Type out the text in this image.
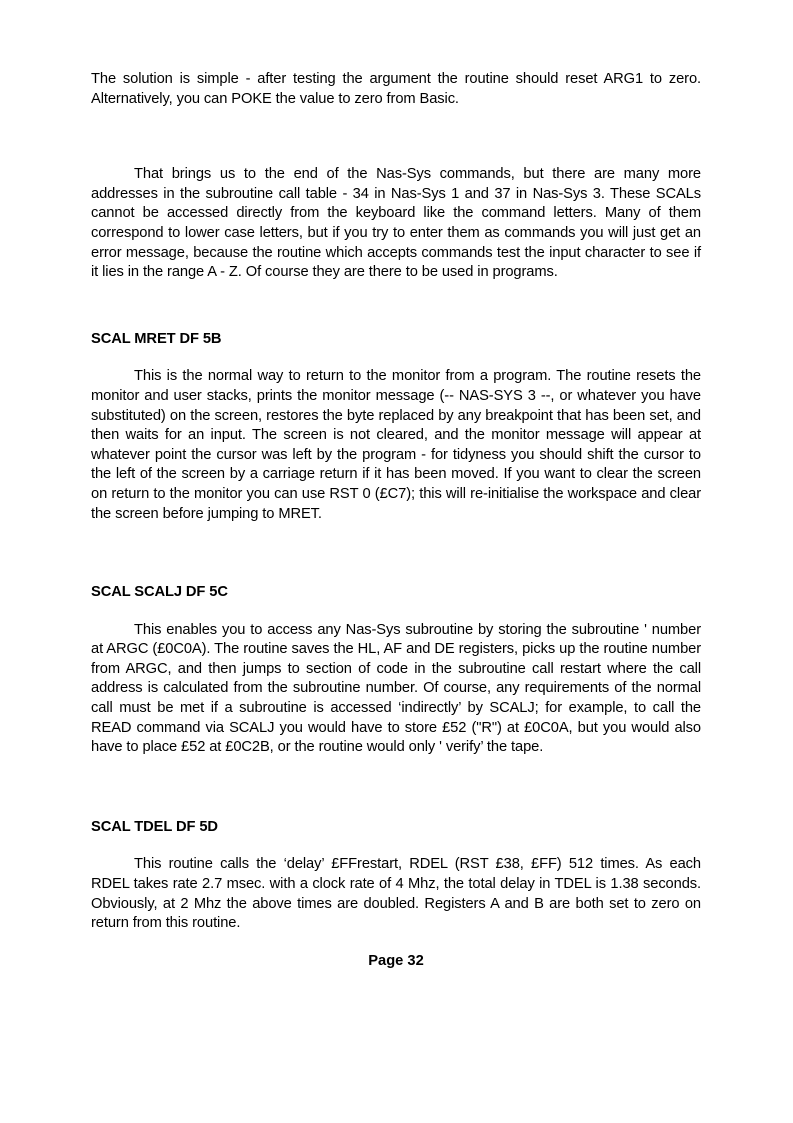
The solution is simple - after testing the argument the routine should reset ARG1 to zero. Alternatively, you can POKE the value to zero from Basic.

That brings us to the end of the Nas-Sys commands, but there are many more addresses in the subroutine call table - 34 in Nas-Sys 1 and 37 in Nas-Sys 3. These SCALs cannot be accessed directly from the keyboard like the command letters. Many of them correspond to lower case letters, but if you try to enter them as commands you will just get an error message, because the routine which accepts commands test the input character to see if it lies in the range A - Z. Of course they are there to be used in programs.

SCAL MRET DF 5B

This is the normal way to return to the monitor from a program. The routine resets the monitor and user stacks, prints the monitor message (-- NAS-SYS 3 --, or whatever you have substituted) on the screen, restores the byte replaced by any breakpoint that has been set, and then waits for an input. The screen is not cleared, and the monitor message will appear at whatever point the cursor was left by the program - for tidyness you should shift the cursor to the left of the screen by a carriage return if it has been moved. If you want to clear the screen on return to the monitor you can use RST 0 (£C7); this will re-initialise the workspace and clear the screen before jumping to MRET.

SCAL SCALJ DF 5C

This enables you to access any Nas-Sys subroutine by storing the subroutine ' number at ARGC (£0C0A). The routine saves the HL, AF and DE registers, picks up the routine number from ARGC, and then jumps to section of code in the subroutine call restart where the call address is calculated from the subroutine number. Of course, any requirements of the normal call must be met if a subroutine is accessed ‘indirectly’ by SCALJ; for example, to call the READ command via SCALJ you would have to store £52 ("R") at £0C0A, but you would also have to place £52 at £0C2B, or the routine would only ' verify’ the tape.

SCAL TDEL DF 5D

This routine calls the ‘delay’ £FFrestart, RDEL (RST £38, £FF) 512 times. As each RDEL takes rate 2.7 msec. with a clock rate of 4 Mhz, the total delay in TDEL is 1.38 seconds. Obviously, at 2 Mhz the above times are doubled. Registers A and B are both set to zero on return from this routine.

Page 32
